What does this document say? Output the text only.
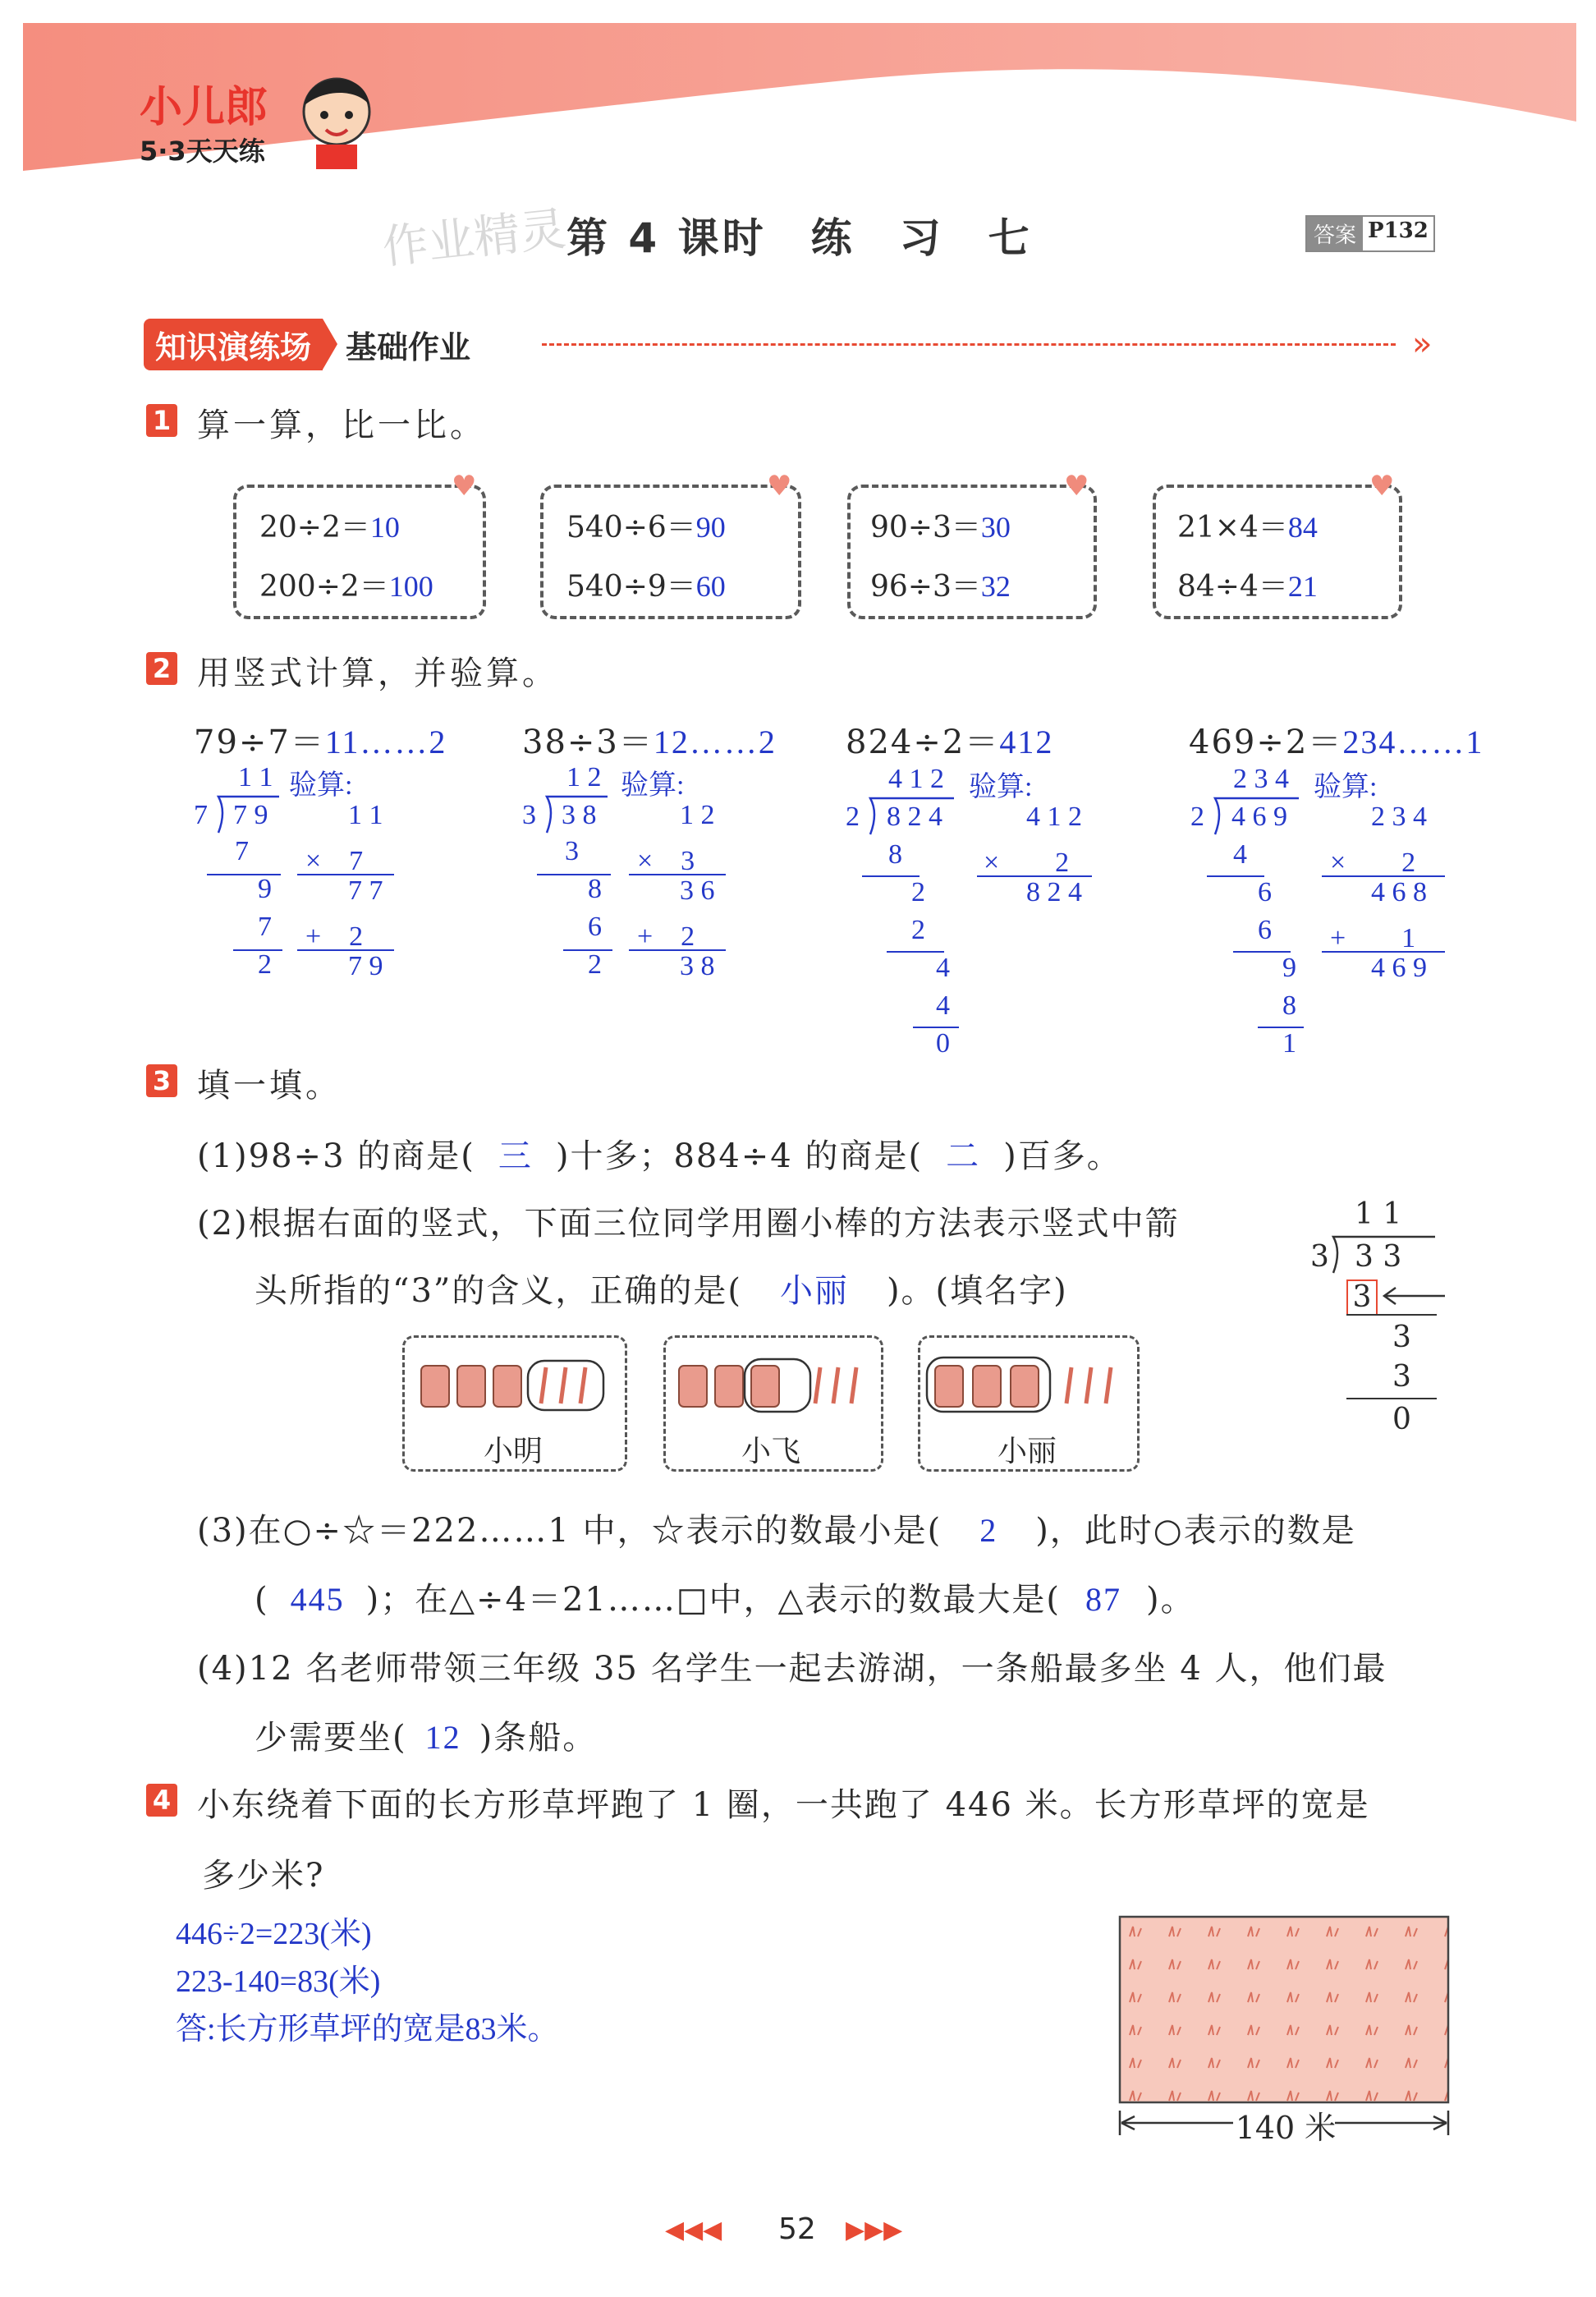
小儿郎
5·3天天练
作业精灵
第 4 课时　练　习　七	答案 P132
知识演练场	基础作业	»
1 算一算，比一比。
♥	♥	♥	♥
20÷2＝10
200÷2＝100
540÷6＝90
540÷9＝60
90÷3＝30
96÷3＝32
21×4＝84
84÷4＝21
2 用竖式计算，并验算。
79÷7＝11……2
1 1 验算:
7 7 9
7
9
7
2
1 1
×　7
7 7
+　2
7 9
38÷3＝12……2
1 2 验算:
3 3 8
3
8
6
2
1 2
×　3
3 6
+　2
3 8
824÷2＝412
4 1 2 验算:
2 8 2 4
8
2
2
4
4
0
4 1 2
×　　2
8 2 4
469÷2＝234……1
2 3 4 验算:
2 4 6 9
4
6
6
9
8
1
2 3 4
×　　2
4 6 8
+　　1
4 6 9
3 填一填。
(1)98÷3 的商是( 三 )十多；884÷4 的商是( 二 )百多。
(2)根据右面的竖式，下面三位同学用圈小棒的方法表示竖式中箭
头所指的“3”的含义，正确的是( 小丽 )。(填名字)
1 1
3 3 3
3
3
3
0
小明	小飞	小丽
(3)在○÷☆＝222……1 中，☆表示的数最小是( 2 )，此时○表示的数是
( 445 )；在△÷4＝21……□中，△表示的数最大是( 87 )。
(4)12 名老师带领三年级 35 名学生一起去游湖，一条船最多坐 4 人，他们最
少需要坐( 12 )条船。
4 小东绕着下面的长方形草坪跑了 1 圈，一共跑了 446 米。长方形草坪的宽是
多少米?
446÷2=223(米)
223-140=83(米)
答:长方形草坪的宽是83米。
140 米
◀◀◀ 52 ▶▶▶
